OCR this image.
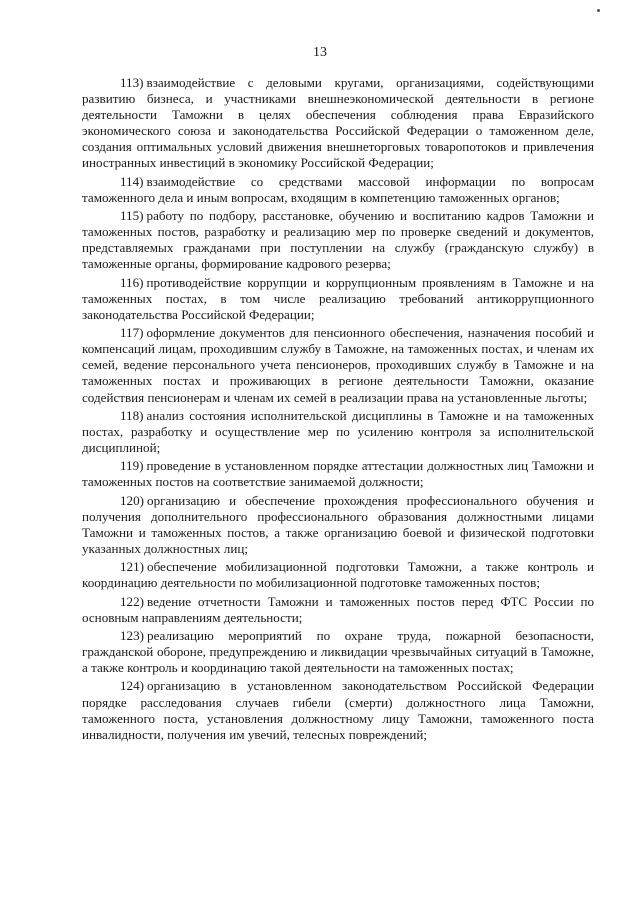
13

113) взаимодействие с деловыми кругами, организациями, содействующими развитию бизнеса, и участниками внешнеэкономической деятельности в регионе деятельности Таможни в целях обеспечения соблюдения права Евразийского экономического союза и законодательства Российской Федерации о таможенном деле, создания оптимальных условий движения внешнеторговых товаропотоков и привлечения иностранных инвестиций в экономику Российской Федерации;

114) взаимодействие со средствами массовой информации по вопросам таможенного дела и иным вопросам, входящим в компетенцию таможенных органов;

115) работу по подбору, расстановке, обучению и воспитанию кадров Таможни и таможенных постов, разработку и реализацию мер по проверке сведений и документов, представляемых гражданами при поступлении на службу (гражданскую службу) в таможенные органы, формирование кадрового резерва;

116) противодействие коррупции и коррупционным проявлениям в Таможне и на таможенных постах, в том числе реализацию требований антикоррупционного законодательства Российской Федерации;

117) оформление документов для пенсионного обеспечения, назначения пособий и компенсаций лицам, проходившим службу в Таможне, на таможенных постах, и членам их семей, ведение персонального учета пенсионеров, проходивших службу в Таможне и на таможенных постах и проживающих в регионе деятельности Таможни, оказание содействия пенсионерам и членам их семей в реализации права на установленные льготы;

118) анализ состояния исполнительской дисциплины в Таможне и на таможенных постах, разработку и осуществление мер по усилению контроля за исполнительской дисциплиной;

119) проведение в установленном порядке аттестации должностных лиц Таможни и таможенных постов на соответствие занимаемой должности;

120) организацию и обеспечение прохождения профессионального обучения и получения дополнительного профессионального образования должностными лицами Таможни и таможенных постов, а также организацию боевой и физической подготовки указанных должностных лиц;

121) обеспечение мобилизационной подготовки Таможни, а также контроль и координацию деятельности по мобилизационной подготовке таможенных постов;

122) ведение отчетности Таможни и таможенных постов перед ФТС России по основным направлениям деятельности;

123) реализацию мероприятий по охране труда, пожарной безопасности, гражданской обороне, предупреждению и ликвидации чрезвычайных ситуаций в Таможне, а также контроль и координацию такой деятельности на таможенных постах;

124) организацию в установленном законодательством Российской Федерации порядке расследования случаев гибели (смерти) должностного лица Таможни, таможенного поста, установления должностному лицу Таможни, таможенного поста инвалидности, получения им увечий, телесных повреждений;
